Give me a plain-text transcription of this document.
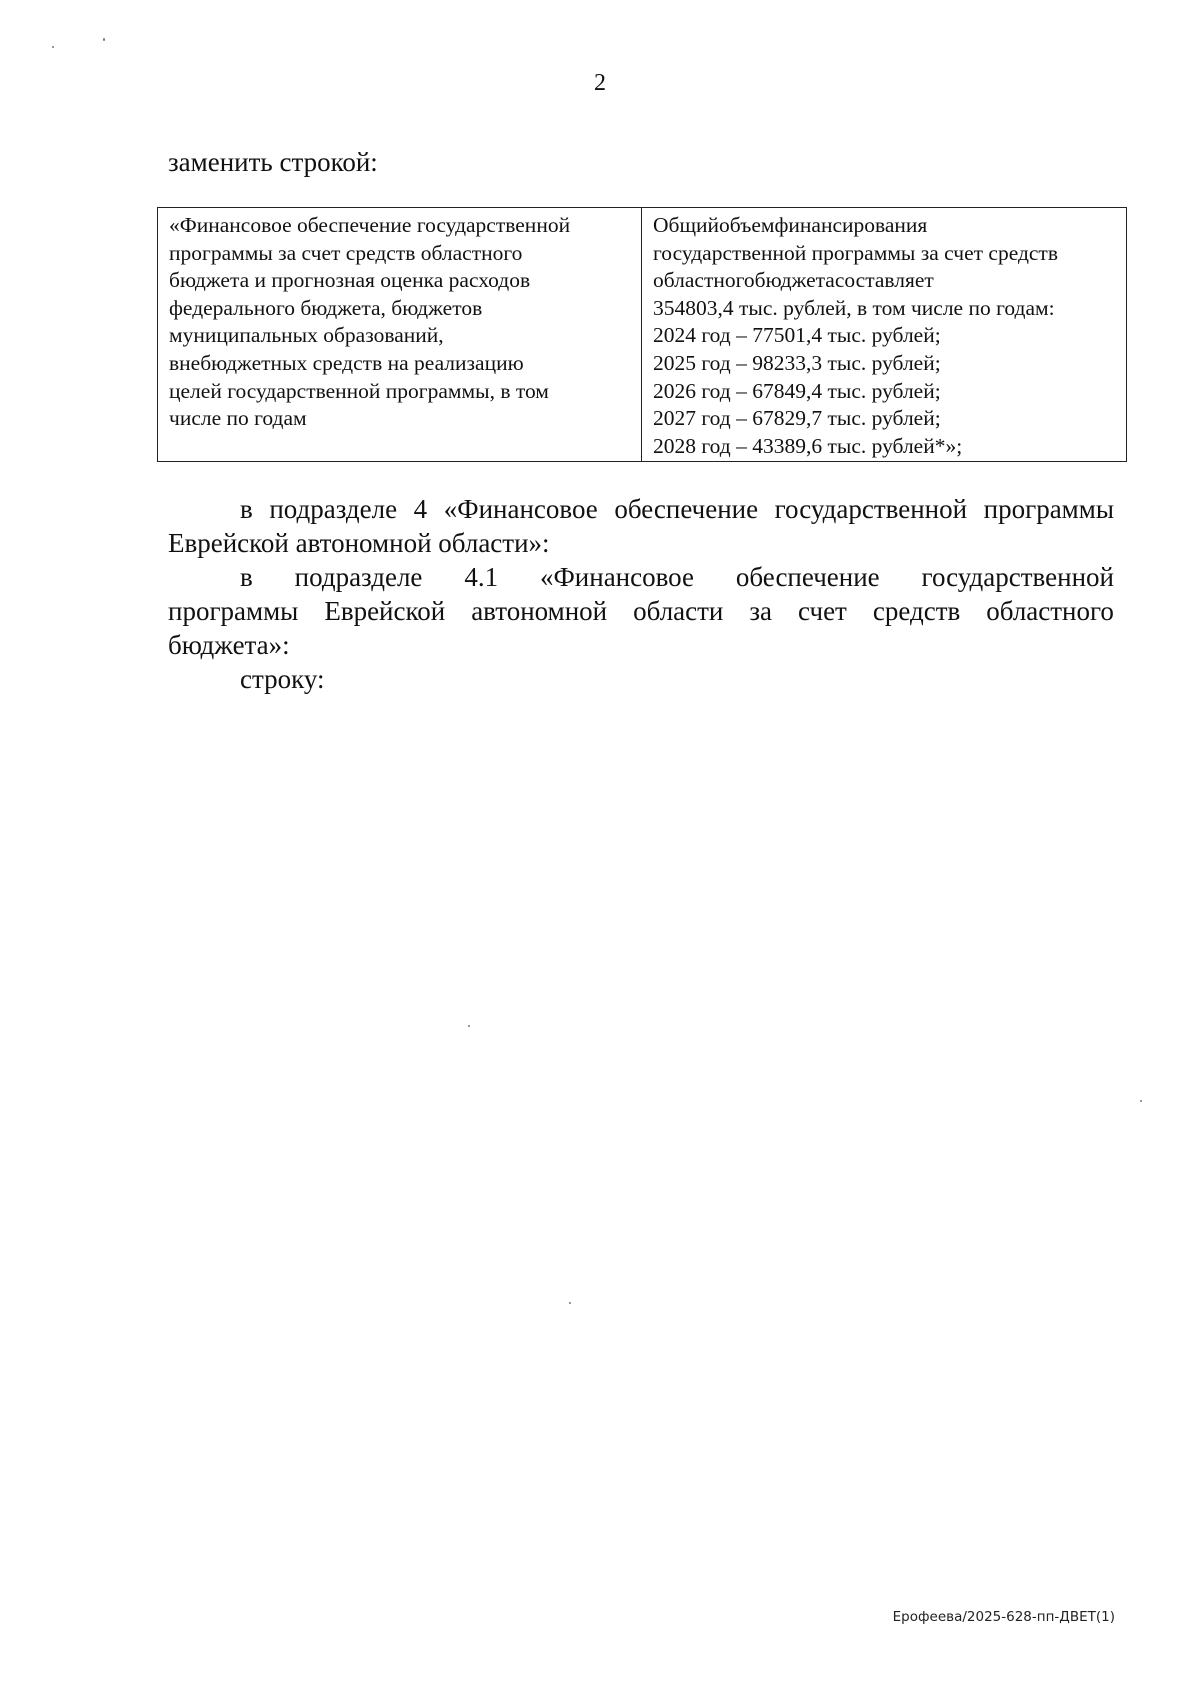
2
заменить строкой:
«Финансовое обеспечение государственной
программы за счет средств областного
бюджета и прогнозная оценка расходов
федерального бюджета, бюджетов
муниципальных образований,
внебюджетных средств на реализацию
целей государственной программы, в том
числе по годам
Общийобъемфинансирования
государственной программы за счет средств
областногобюджетасоставляет
354803,4 тыс. рублей, в том числе по годам:
2024 год – 77501,4 тыс. рублей;
2025 год – 98233,3 тыс. рублей;
2026 год – 67849,4 тыс. рублей;
2027 год – 67829,7 тыс. рублей;
2028 год – 43389,6 тыс. рублей*»;
в подразделе 4 «Финансовое обеспечение государственной программы
Еврейской автономной области»:
в подразделе 4.1 «Финансовое обеспечение государственной
программы Еврейской автономной области за счет средств областного
бюджета»:
строку:
Ерофеева/2025-628-пп-ДВЕТ(1)
